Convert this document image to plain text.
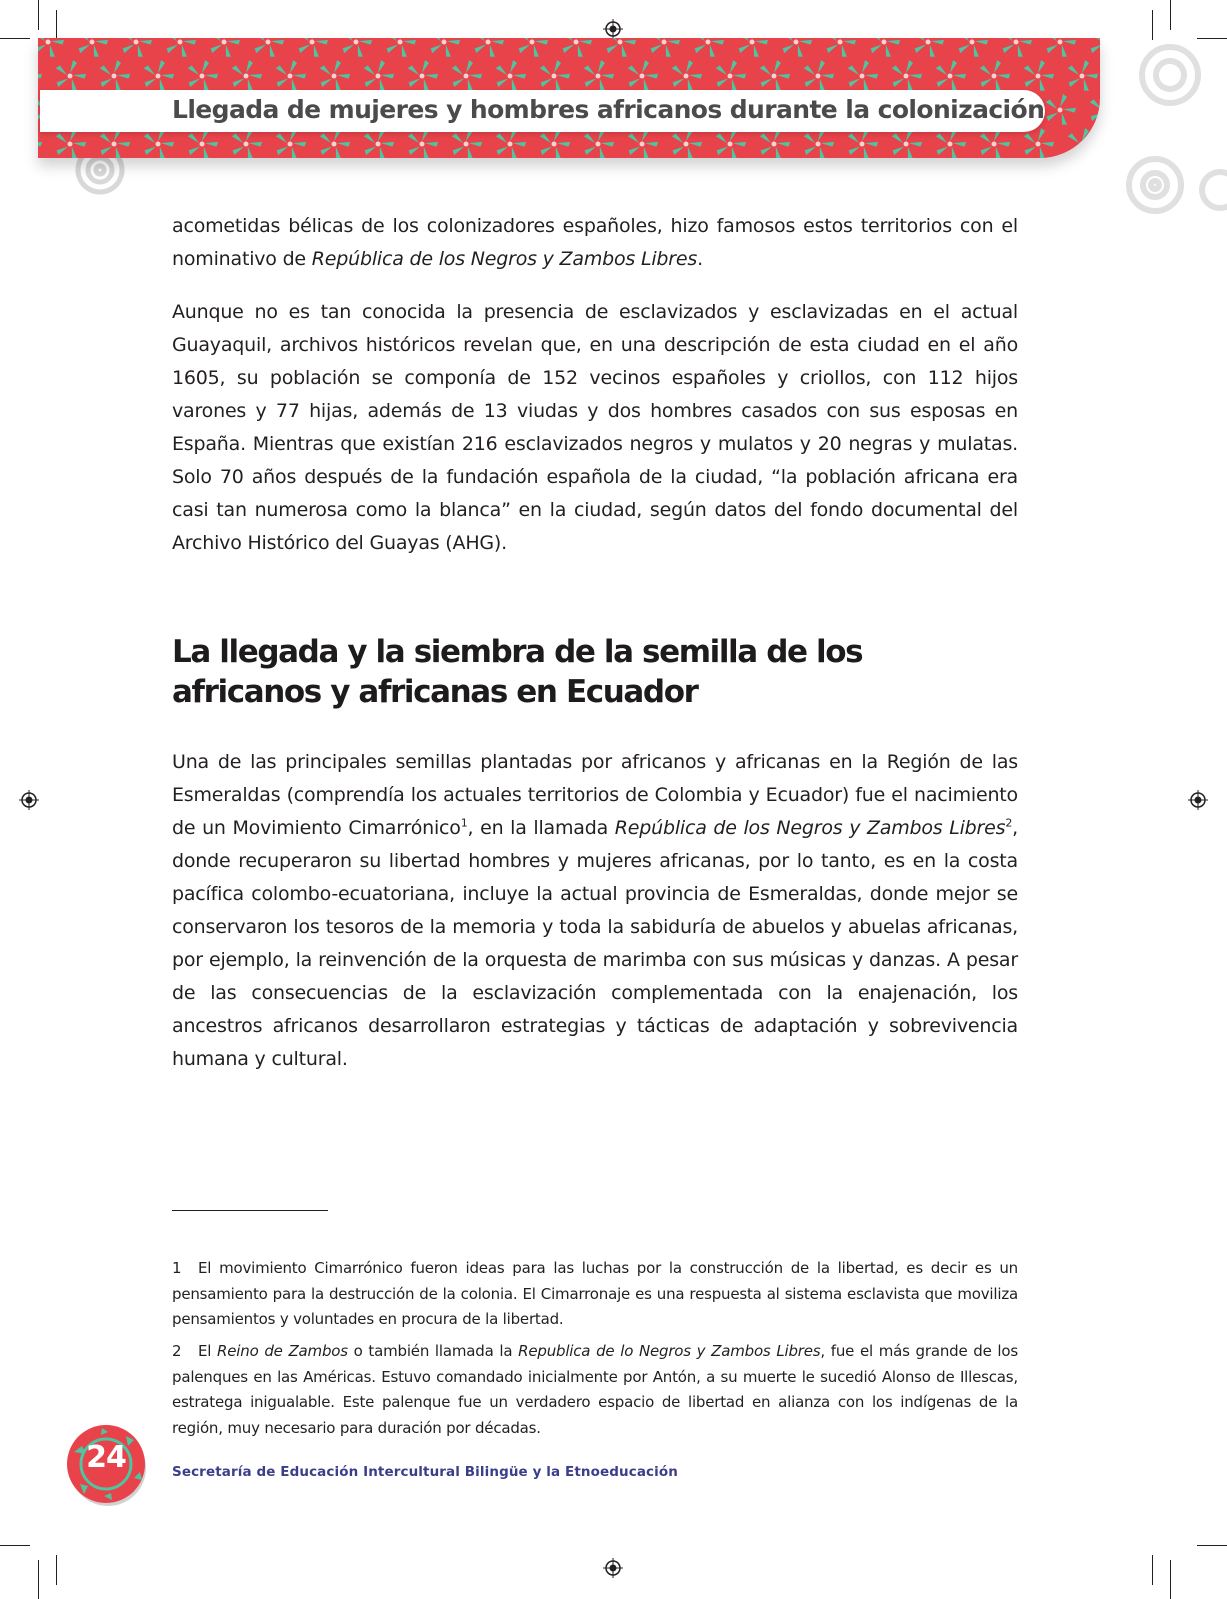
Llegada de mujeres y hombres africanos durante la colonización

acometidas bélicas de los colonizadores españoles, hizo famosos estos territorios con el nominativo de República de los Negros y Zambos Libres.

Aunque no es tan conocida la presencia de esclavizados y esclavizadas en el actual Guayaquil, archivos históricos revelan que, en una descripción de esta ciudad en el año 1605, su población se componía de 152 vecinos españoles y criollos, con 112 hijos varones y 77 hijas, además de 13 viudas y dos hombres casados con sus esposas en España. Mientras que existían 216 esclavizados negros y mulatos y 20 negras y mulatas. Solo 70 años después de la fundación española de la ciudad, “la población africana era casi tan numerosa como la blanca” en la ciudad, según datos del fondo documental del Archivo Histórico del Guayas (AHG).

La llegada y la siembra de la semilla de los africanos y africanas en Ecuador

Una de las principales semillas plantadas por africanos y africanas en la Región de las Esmeraldas (comprendía los actuales territorios de Colombia y Ecuador) fue el nacimiento de un Movimiento Cimarrónico$^1$, en la llamada República de los Negros y Zambos Libres$^2$, donde recuperaron su libertad hombres y mujeres africanas, por lo tanto, es en la costa pacífica colombo-ecuatoriana, incluye la actual provincia de Esmeraldas, donde mejor se conservaron los tesoros de la memoria y toda la sabiduría de abuelos y abuelas africanas, por ejemplo, la reinvención de la orquesta de marimba con sus músicas y danzas. A pesar de las consecuencias de la esclavización complementada con la enajenación, los ancestros africanos desarrollaron estrategias y tácticas de adaptación y sobrevivencia humana y cultural.

1 El movimiento Cimarrónico fueron ideas para las luchas por la construcción de la libertad, es decir es un pensamiento para la destrucción de la colonia. El Cimarronaje es una respuesta al sistema esclavista que moviliza pensamientos y voluntades en procura de la libertad.

2 El Reino de Zambos o también llamada la Republica de lo Negros y Zambos Libres, fue el más grande de los palenques en las Américas. Estuvo comandado inicialmente por Antón, a su muerte le sucedió Alonso de Illescas, estratega inigualable. Este palenque fue un verdadero espacio de libertad en alianza con los indígenas de la región, muy necesario para duración por décadas.

24	Secretaría de Educación Intercultural Bilingüe y la Etnoeducación
